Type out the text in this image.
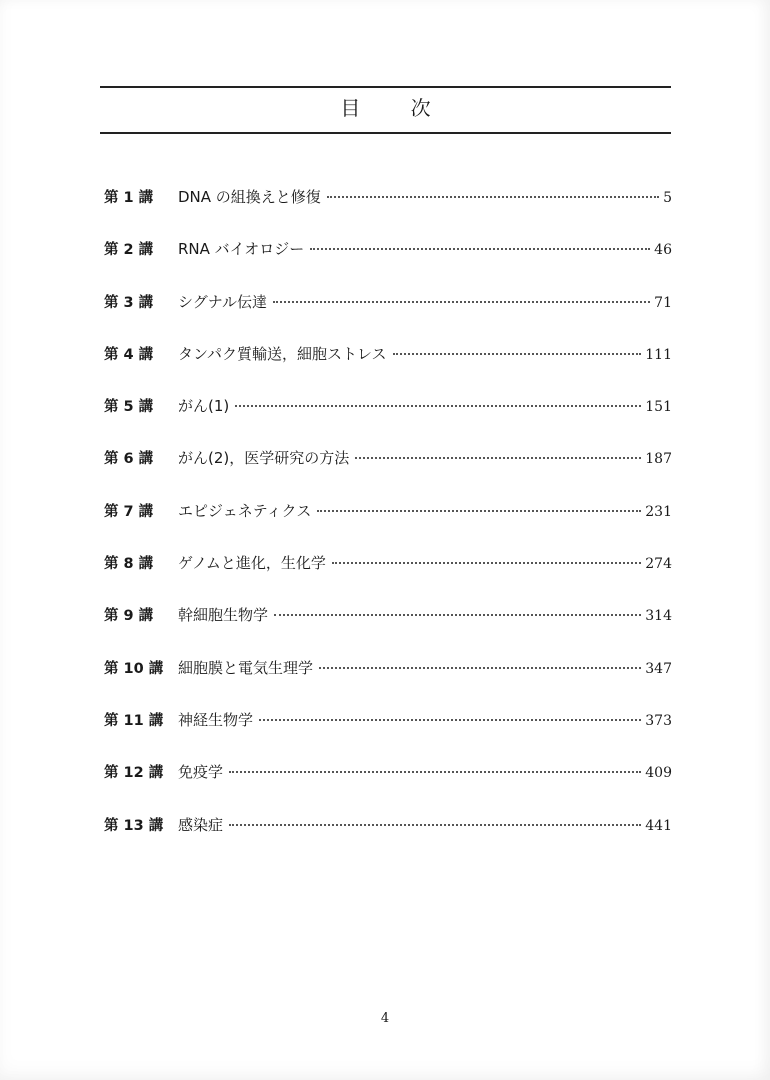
目 次
第 1 講	DNA の組換えと修復	5
第 2 講	RNA バイオロジー	46
第 3 講	シグナル伝達	71
第 4 講	タンパク質輸送，細胞ストレス	111
第 5 講	がん(1)	151
第 6 講	がん(2)，医学研究の方法	187
第 7 講	エピジェネティクス	231
第 8 講	ゲノムと進化，生化学	274
第 9 講	幹細胞生物学	314
第 10 講 細胞膜と電気生理学	347
第 11 講 神経生物学	373
第 12 講 免疫学	409
第 13 講 感染症	441
4
